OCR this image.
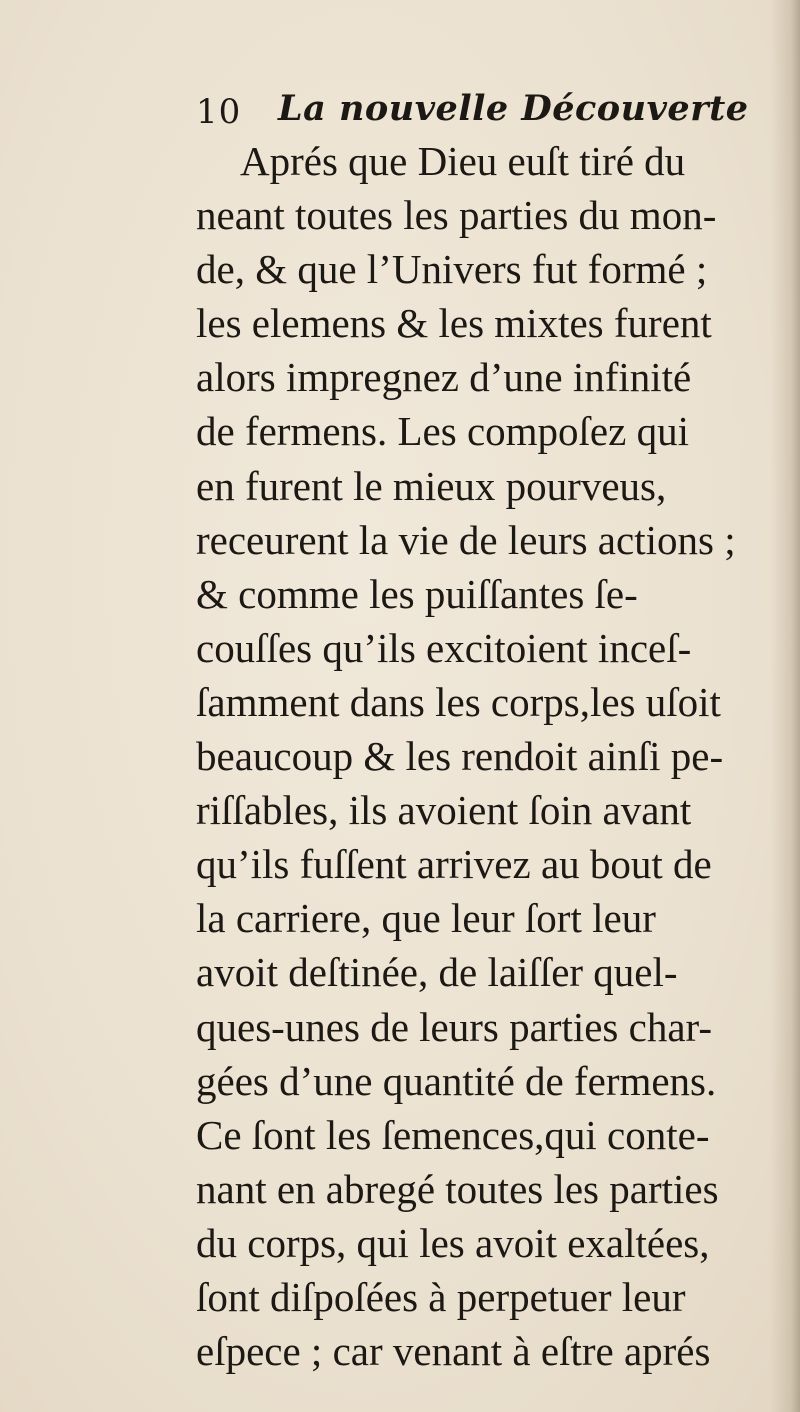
10 La nouvelle Découverte
Aprés que Dieu euſt tiré du
neant toutes les parties du mon-
de, & que l’Univers fut formé ;
les elemens & les mixtes furent
alors impregnez d’une infinité
de fermens. Les compoſez qui
en furent le mieux pourveus,
receurent la vie de leurs actions ;
& comme les puiſſantes ſe-
couſſes qu’ils excitoient inceſ-
ſamment dans les corps,les uſoit
beaucoup & les rendoit ainſi pe-
riſſables, ils avoient ſoin avant
qu’ils fuſſent arrivez au bout de
la carriere, que leur ſort leur
avoit deſtinée, de laiſſer quel-
ques-unes de leurs parties char-
gées d’une quantité de fermens.
Ce ſont les ſemences,qui conte-
nant en abregé toutes les parties
du corps, qui les avoit exaltées,
ſont diſpoſées à perpetuer leur
eſpece ; car venant à eſtre aprés
